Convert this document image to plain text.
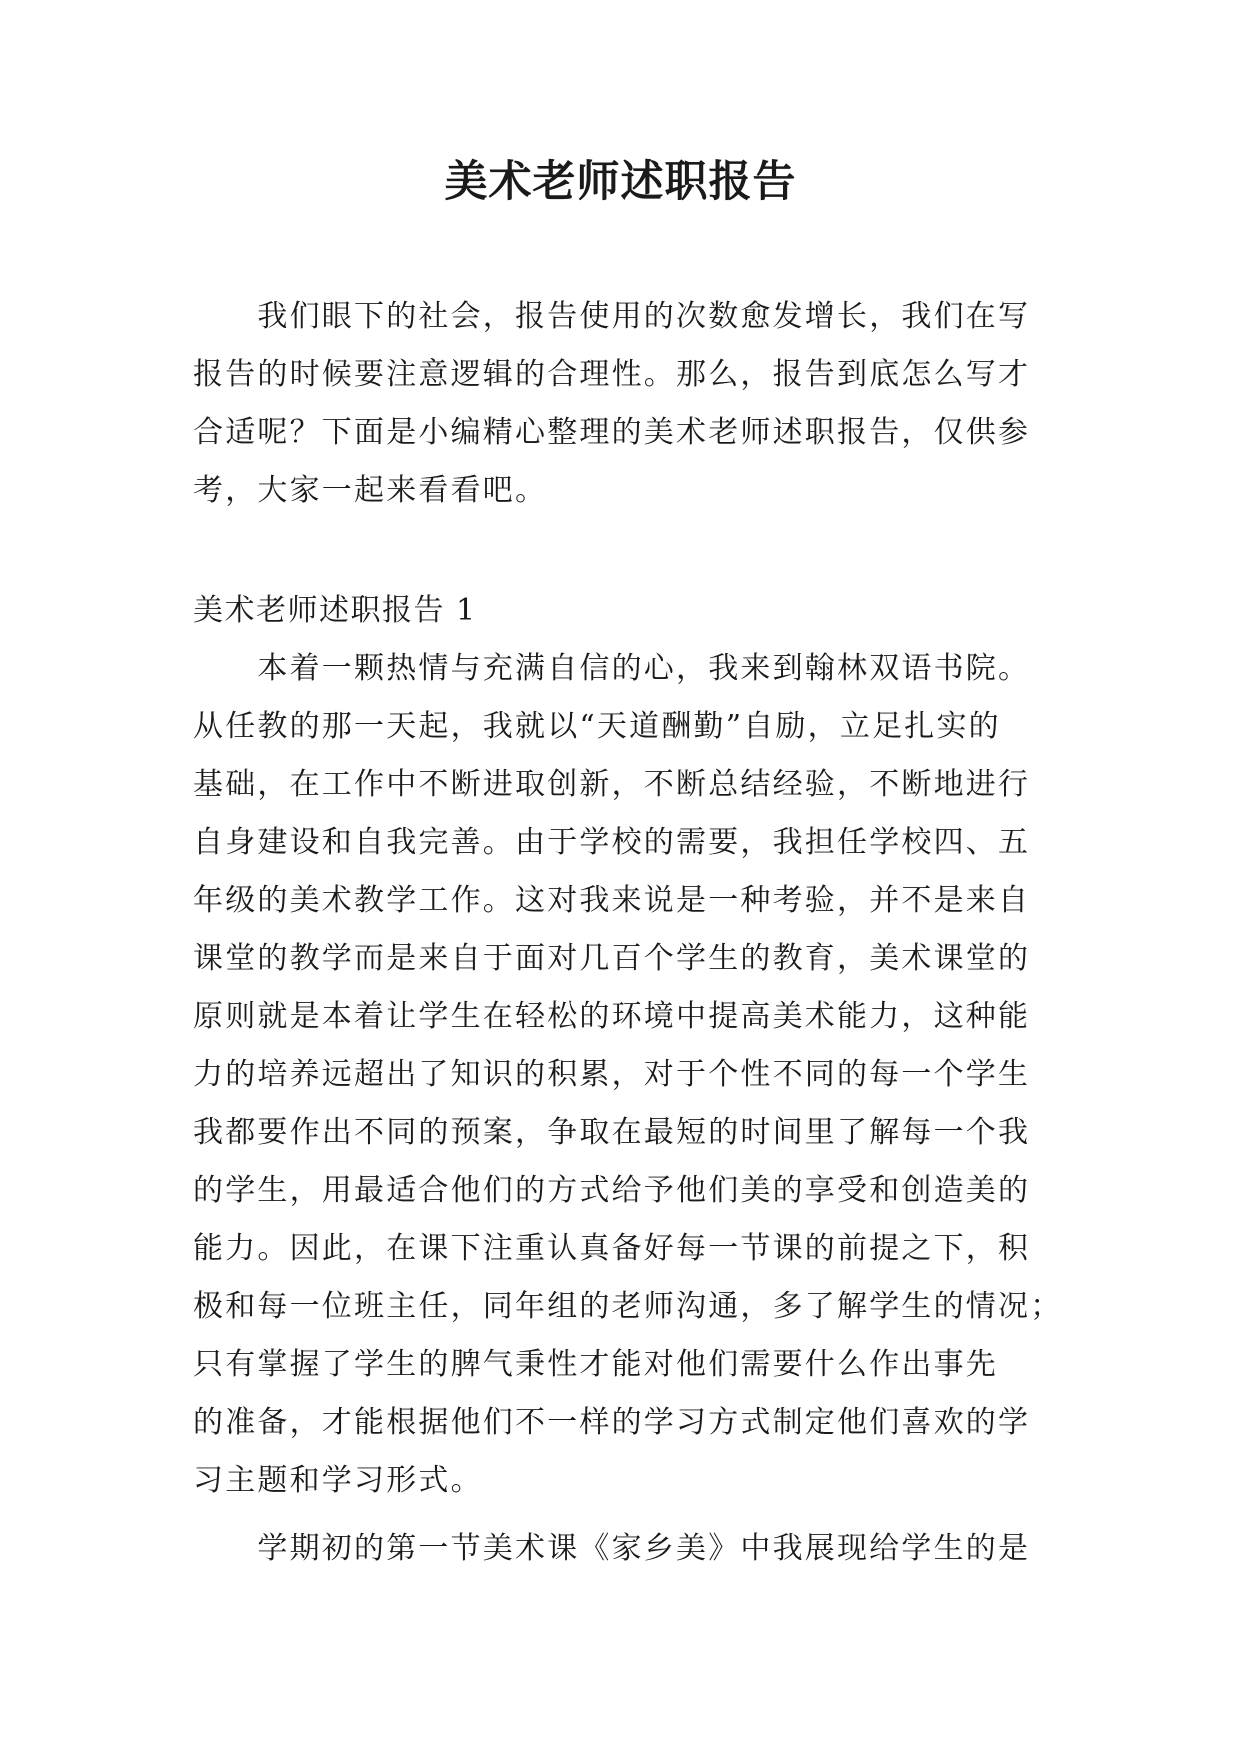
美术老师述职报告
　　我们眼下的社会，报告使用的次数愈发增长，我们在写
报告的时候要注意逻辑的合理性。那么，报告到底怎么写才
合适呢？下面是小编精心整理的美术老师述职报告，仅供参
考，大家一起来看看吧。
美术老师述职报告 1
　　本着一颗热情与充满自信的心，我来到翰林双语书院。
从任教的那一天起，我就以“天道酬勤”自励，立足扎实的
基础，在工作中不断进取创新，不断总结经验，不断地进行
自身建设和自我完善。由于学校的需要，我担任学校四、五
年级的美术教学工作。这对我来说是一种考验，并不是来自
课堂的教学而是来自于面对几百个学生的教育，美术课堂的
原则就是本着让学生在轻松的环境中提高美术能力，这种能
力的培养远超出了知识的积累，对于个性不同的每一个学生
我都要作出不同的预案，争取在最短的时间里了解每一个我
的学生，用最适合他们的方式给予他们美的享受和创造美的
能力。因此，在课下注重认真备好每一节课的前提之下，积
极和每一位班主任，同年组的老师沟通，多了解学生的情况；
只有掌握了学生的脾气秉性才能对他们需要什么作出事先
的准备，才能根据他们不一样的学习方式制定他们喜欢的学
习主题和学习形式。
　　学期初的第一节美术课《家乡美》中我展现给学生的是
